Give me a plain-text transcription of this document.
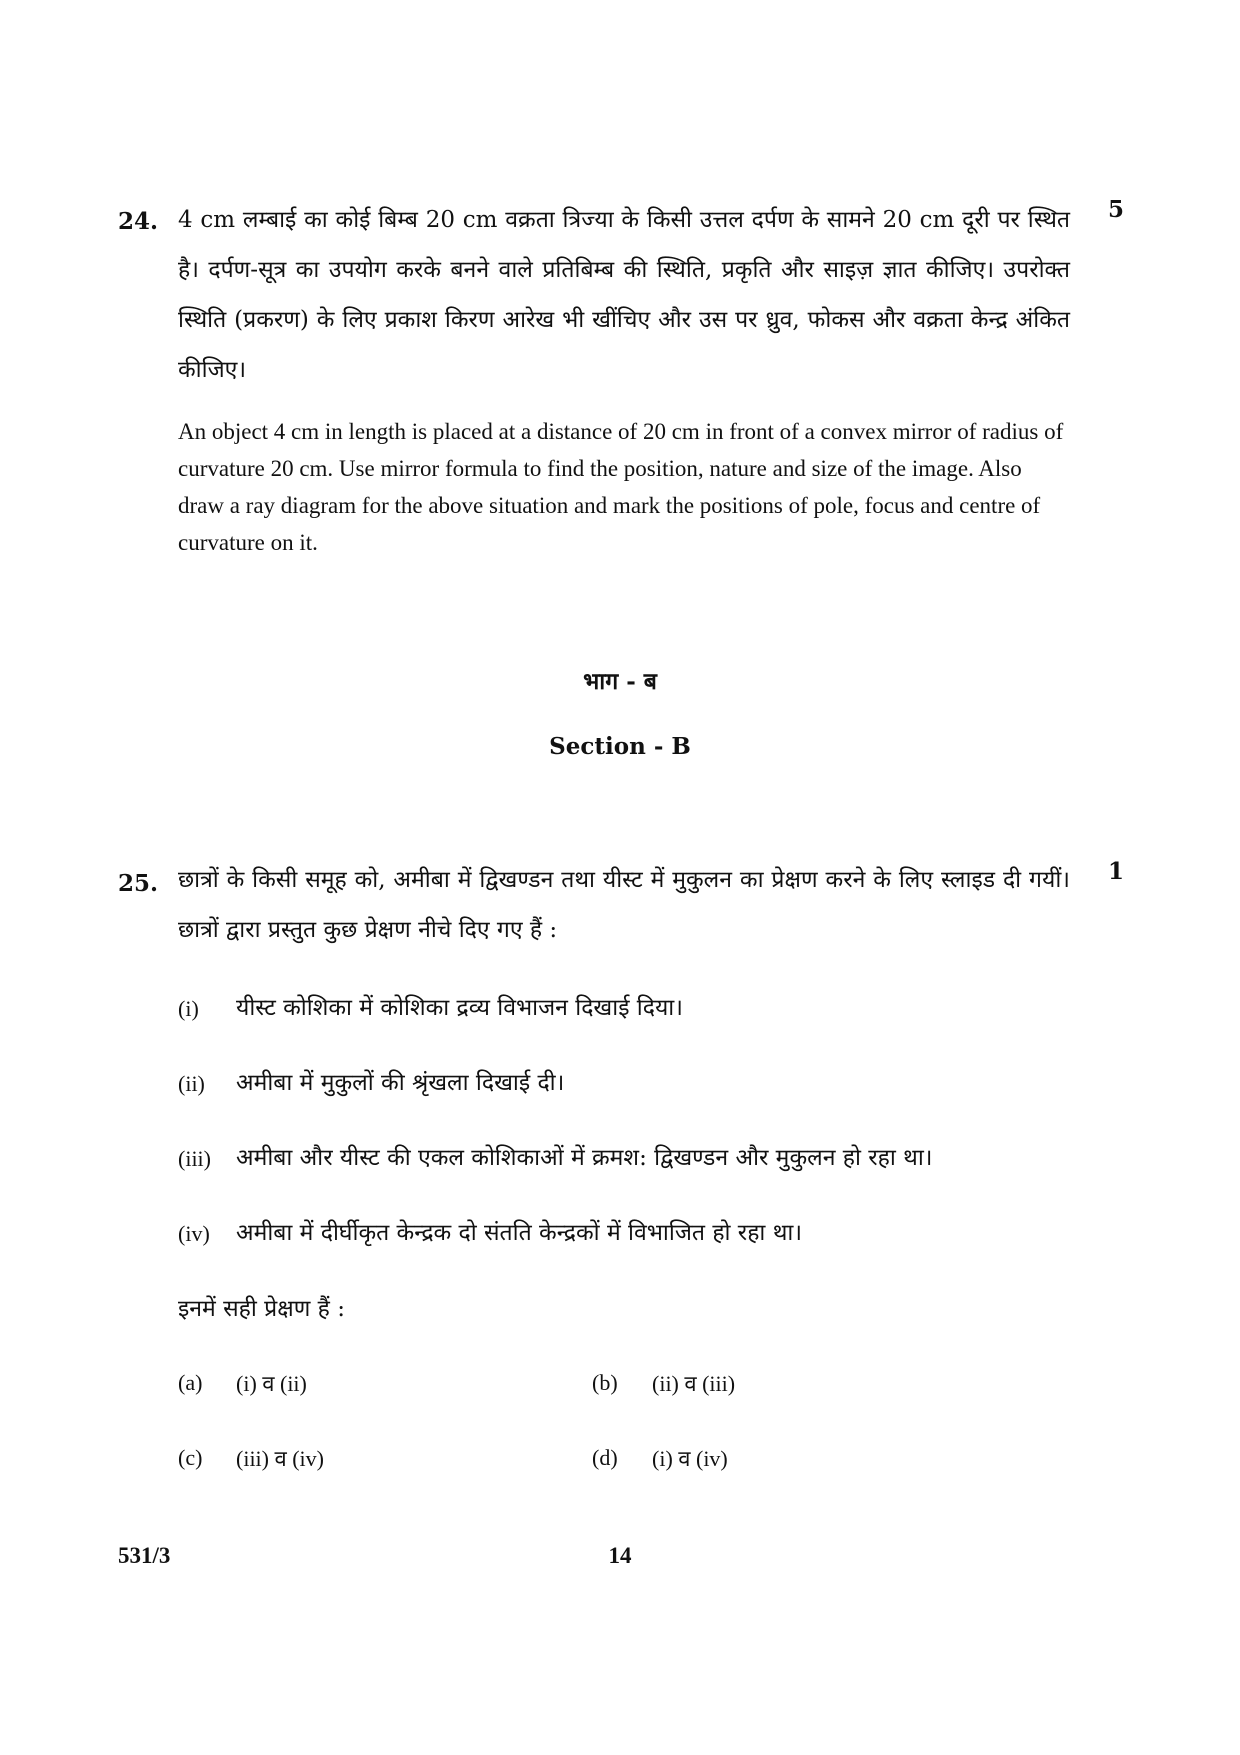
24.	5
4 cm लम्बाई का कोई बिम्ब 20 cm वक्रता त्रिज्या के किसी उत्तल दर्पण के सामने 20 cm दूरी पर स्थित है। दर्पण-सूत्र का उपयोग करके बनने वाले प्रतिबिम्ब की स्थिति, प्रकृति और साइज़ ज्ञात कीजिए। उपरोक्त स्थिति (प्रकरण) के लिए प्रकाश किरण आरेख भी खींचिए और उस पर ध्रुव, फोकस और वक्रता केन्द्र अंकित कीजिए।
An object 4 cm in length is placed at a distance of 20 cm in front of a convex mirror of radius of curvature 20 cm. Use mirror formula to find the position, nature and size of the image. Also draw a ray diagram for the above situation and mark the positions of pole, focus and centre of curvature on it.
भाग - ब
Section - B
25.	1
छात्रों के किसी समूह को, अमीबा में द्विखण्डन तथा यीस्ट में मुकुलन का प्रेक्षण करने के लिए स्लाइड दी गयीं। छात्रों द्वारा प्रस्तुत कुछ प्रेक्षण नीचे दिए गए हैं :
(i) यीस्ट कोशिका में कोशिका द्रव्य विभाजन दिखाई दिया।
(ii) अमीबा में मुकुलों की श्रृंखला दिखाई दी।
(iii) अमीबा और यीस्ट की एकल कोशिकाओं में क्रमश: द्विखण्डन और मुकुलन हो रहा था।
(iv) अमीबा में दीर्घीकृत केन्द्रक दो संतति केन्द्रकों में विभाजित हो रहा था।
इनमें सही प्रेक्षण हैं :
(a) (i) व (ii)	(b) (ii) व (iii)
(c) (iii) व (iv)	(d) (i) व (iv)
531/3	14
